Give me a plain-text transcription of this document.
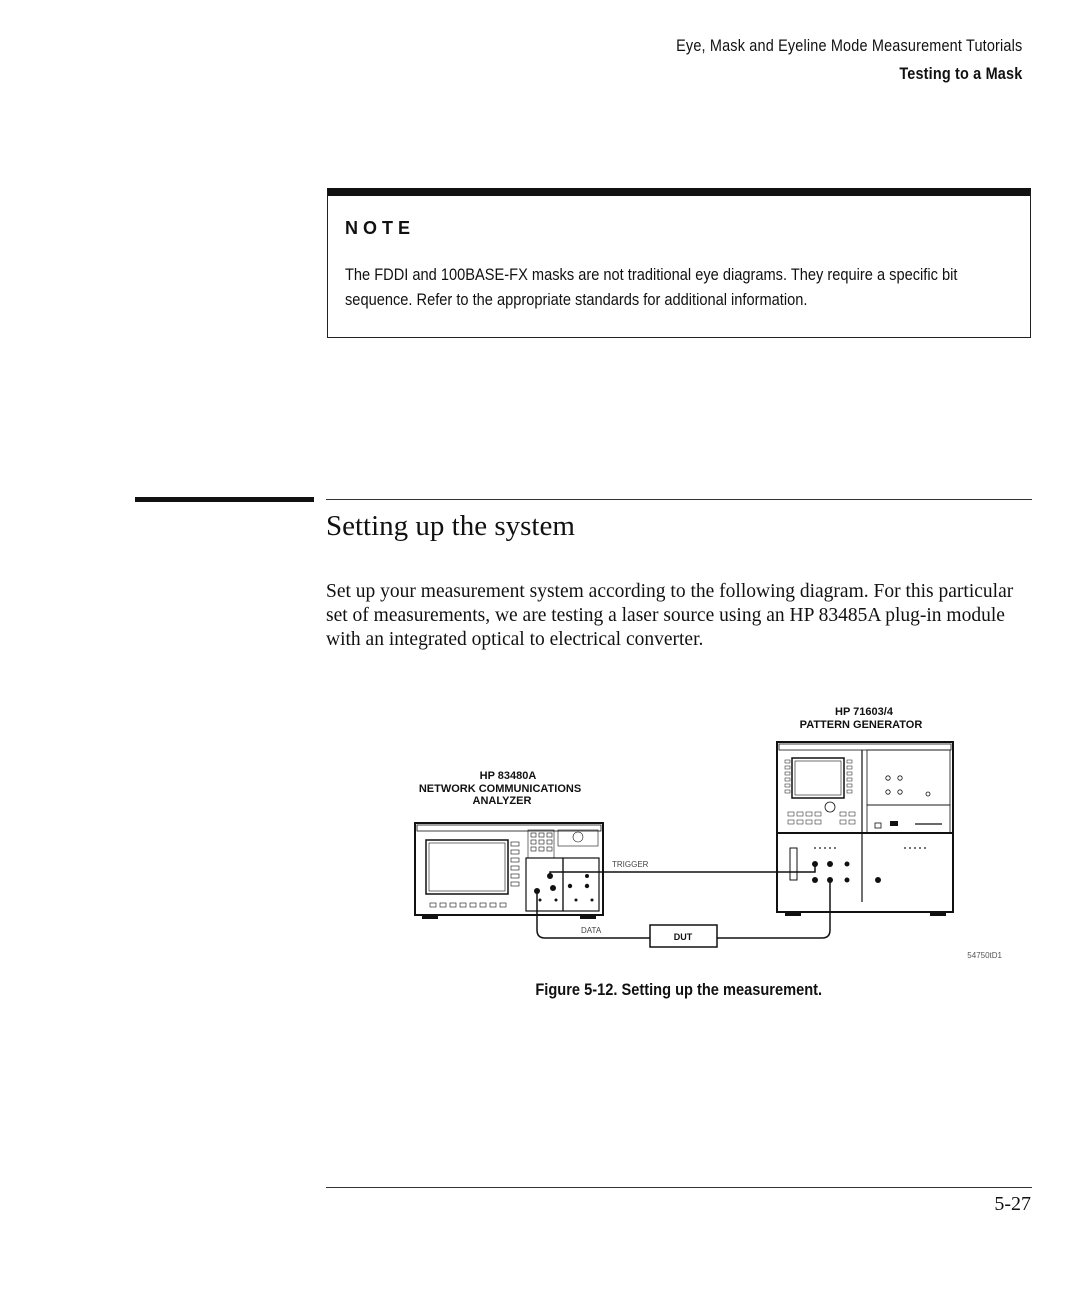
Eye, Mask and Eyeline Mode Measurement Tutorials
Testing to a Mask
NOTE
The FDDI and 100BASE-FX masks are not traditional eye diagrams. They require a specific bit sequence. Refer to the appropriate standards for additional information.
Setting up the system

Set up your measurement system according to the following diagram. For this particular set of measurements, we are testing a laser source using an HP 83485A plug-in module with an integrated optical to electrical converter.

HP 83480A
NETWORK COMMUNICATIONS
ANALYZER
HP 71603/4
PATTERN GENERATOR
TRIGGER
DATA
DUT
54750tD1
Figure 5-12. Setting up the measurement.
5-27
